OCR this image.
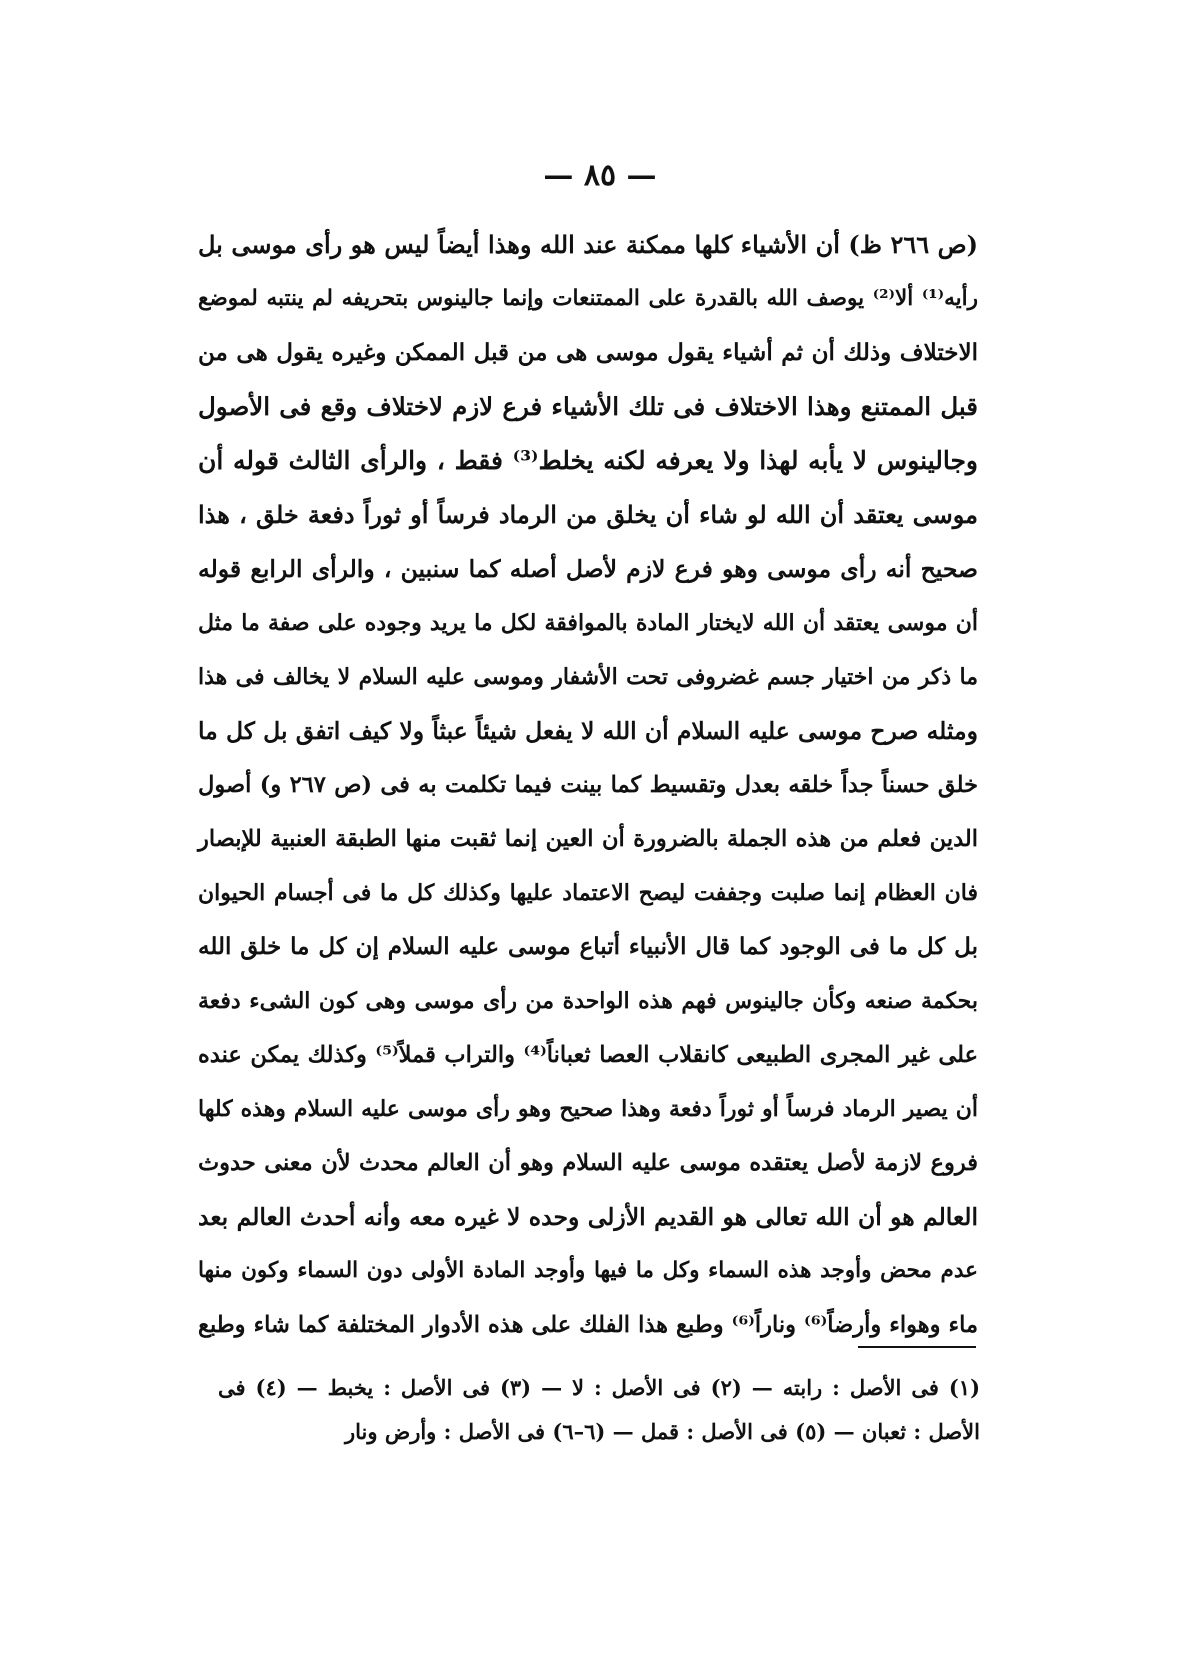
— ٨٥ —
(ص ٢٦٦ ظ) أن الأشياء كلها ممكنة عند الله وهذا أيضاً ليس هو رأى موسى بل
رأيه⁽¹⁾ ألا⁽²⁾ يوصف الله بالقدرة على الممتنعات وإنما جالينوس بتحريفه لم ينتبه لموضع
الاختلاف وذلك أن ثم أشياء يقول موسى هى من قبل الممكن وغيره يقول هى من
قبل الممتنع وهذا الاختلاف فى تلك الأشياء فرع لازم لاختلاف وقع فى الأصول
وجالينوس لا يأبه لهذا ولا يعرفه لكنه يخلط⁽³⁾ فقط ، والرأى الثالث قوله أن
موسى يعتقد أن الله لو شاء أن يخلق من الرماد فرساً أو ثوراً دفعة خلق ، هذا
صحيح أنه رأى موسى وهو فرع لازم لأصل أصله كما سنبين ، والرأى الرابع قوله
أن موسى يعتقد أن الله لايختار المادة بالموافقة لكل ما يريد وجوده على صفة ما مثل
ما ذكر من اختيار جسم غضروفى تحت الأشفار وموسى عليه السلام لا يخالف فى هذا
ومثله صرح موسى عليه السلام أن الله لا يفعل شيئاً عبثاً ولا كيف اتفق بل كل ما
خلق حسناً جداً خلقه بعدل وتقسيط كما بينت فيما تكلمت به فى (ص ٢٦٧ و) أصول
الدين فعلم من هذه الجملة بالضرورة أن العين إنما ثقبت منها الطبقة العنبية للإبصار
فان العظام إنما صلبت وجففت ليصح الاعتماد عليها وكذلك كل ما فى أجسام الحيوان
بل كل ما فى الوجود كما قال الأنبياء أتباع موسى عليه السلام إن كل ما خلق الله
بحكمة صنعه وكأن جالينوس فهم هذه الواحدة من رأى موسى وهى كون الشىء دفعة
على غير المجرى الطبيعى كانقلاب العصا ثعباناً⁽⁴⁾ والتراب قملاً⁽⁵⁾ وكذلك يمكن عنده
أن يصير الرماد فرساً أو ثوراً دفعة وهذا صحيح وهو رأى موسى عليه السلام وهذه كلها
فروع لازمة لأصل يعتقده موسى عليه السلام وهو أن العالم محدث لأن معنى حدوث
العالم هو أن الله تعالى هو القديم الأزلى وحده لا غيره معه وأنه أحدث العالم بعد
عدم محض وأوجد هذه السماء وكل ما فيها وأوجد المادة الأولى دون السماء وكون منها
ماء وهواء وأرضاً⁽⁶⁾ وناراً⁽⁶⁾ وطبع هذا الفلك على هذه الأدوار المختلفة كما شاء وطبع
(١) فى الأصل : رابته — (٢) فى الأصل : لا — (٣) فى الأصل : يخبط — (٤) فى
الأصل : ثعبان — (٥) فى الأصل : قمل — (٦–٦) فى الأصل : وأرض ونار
